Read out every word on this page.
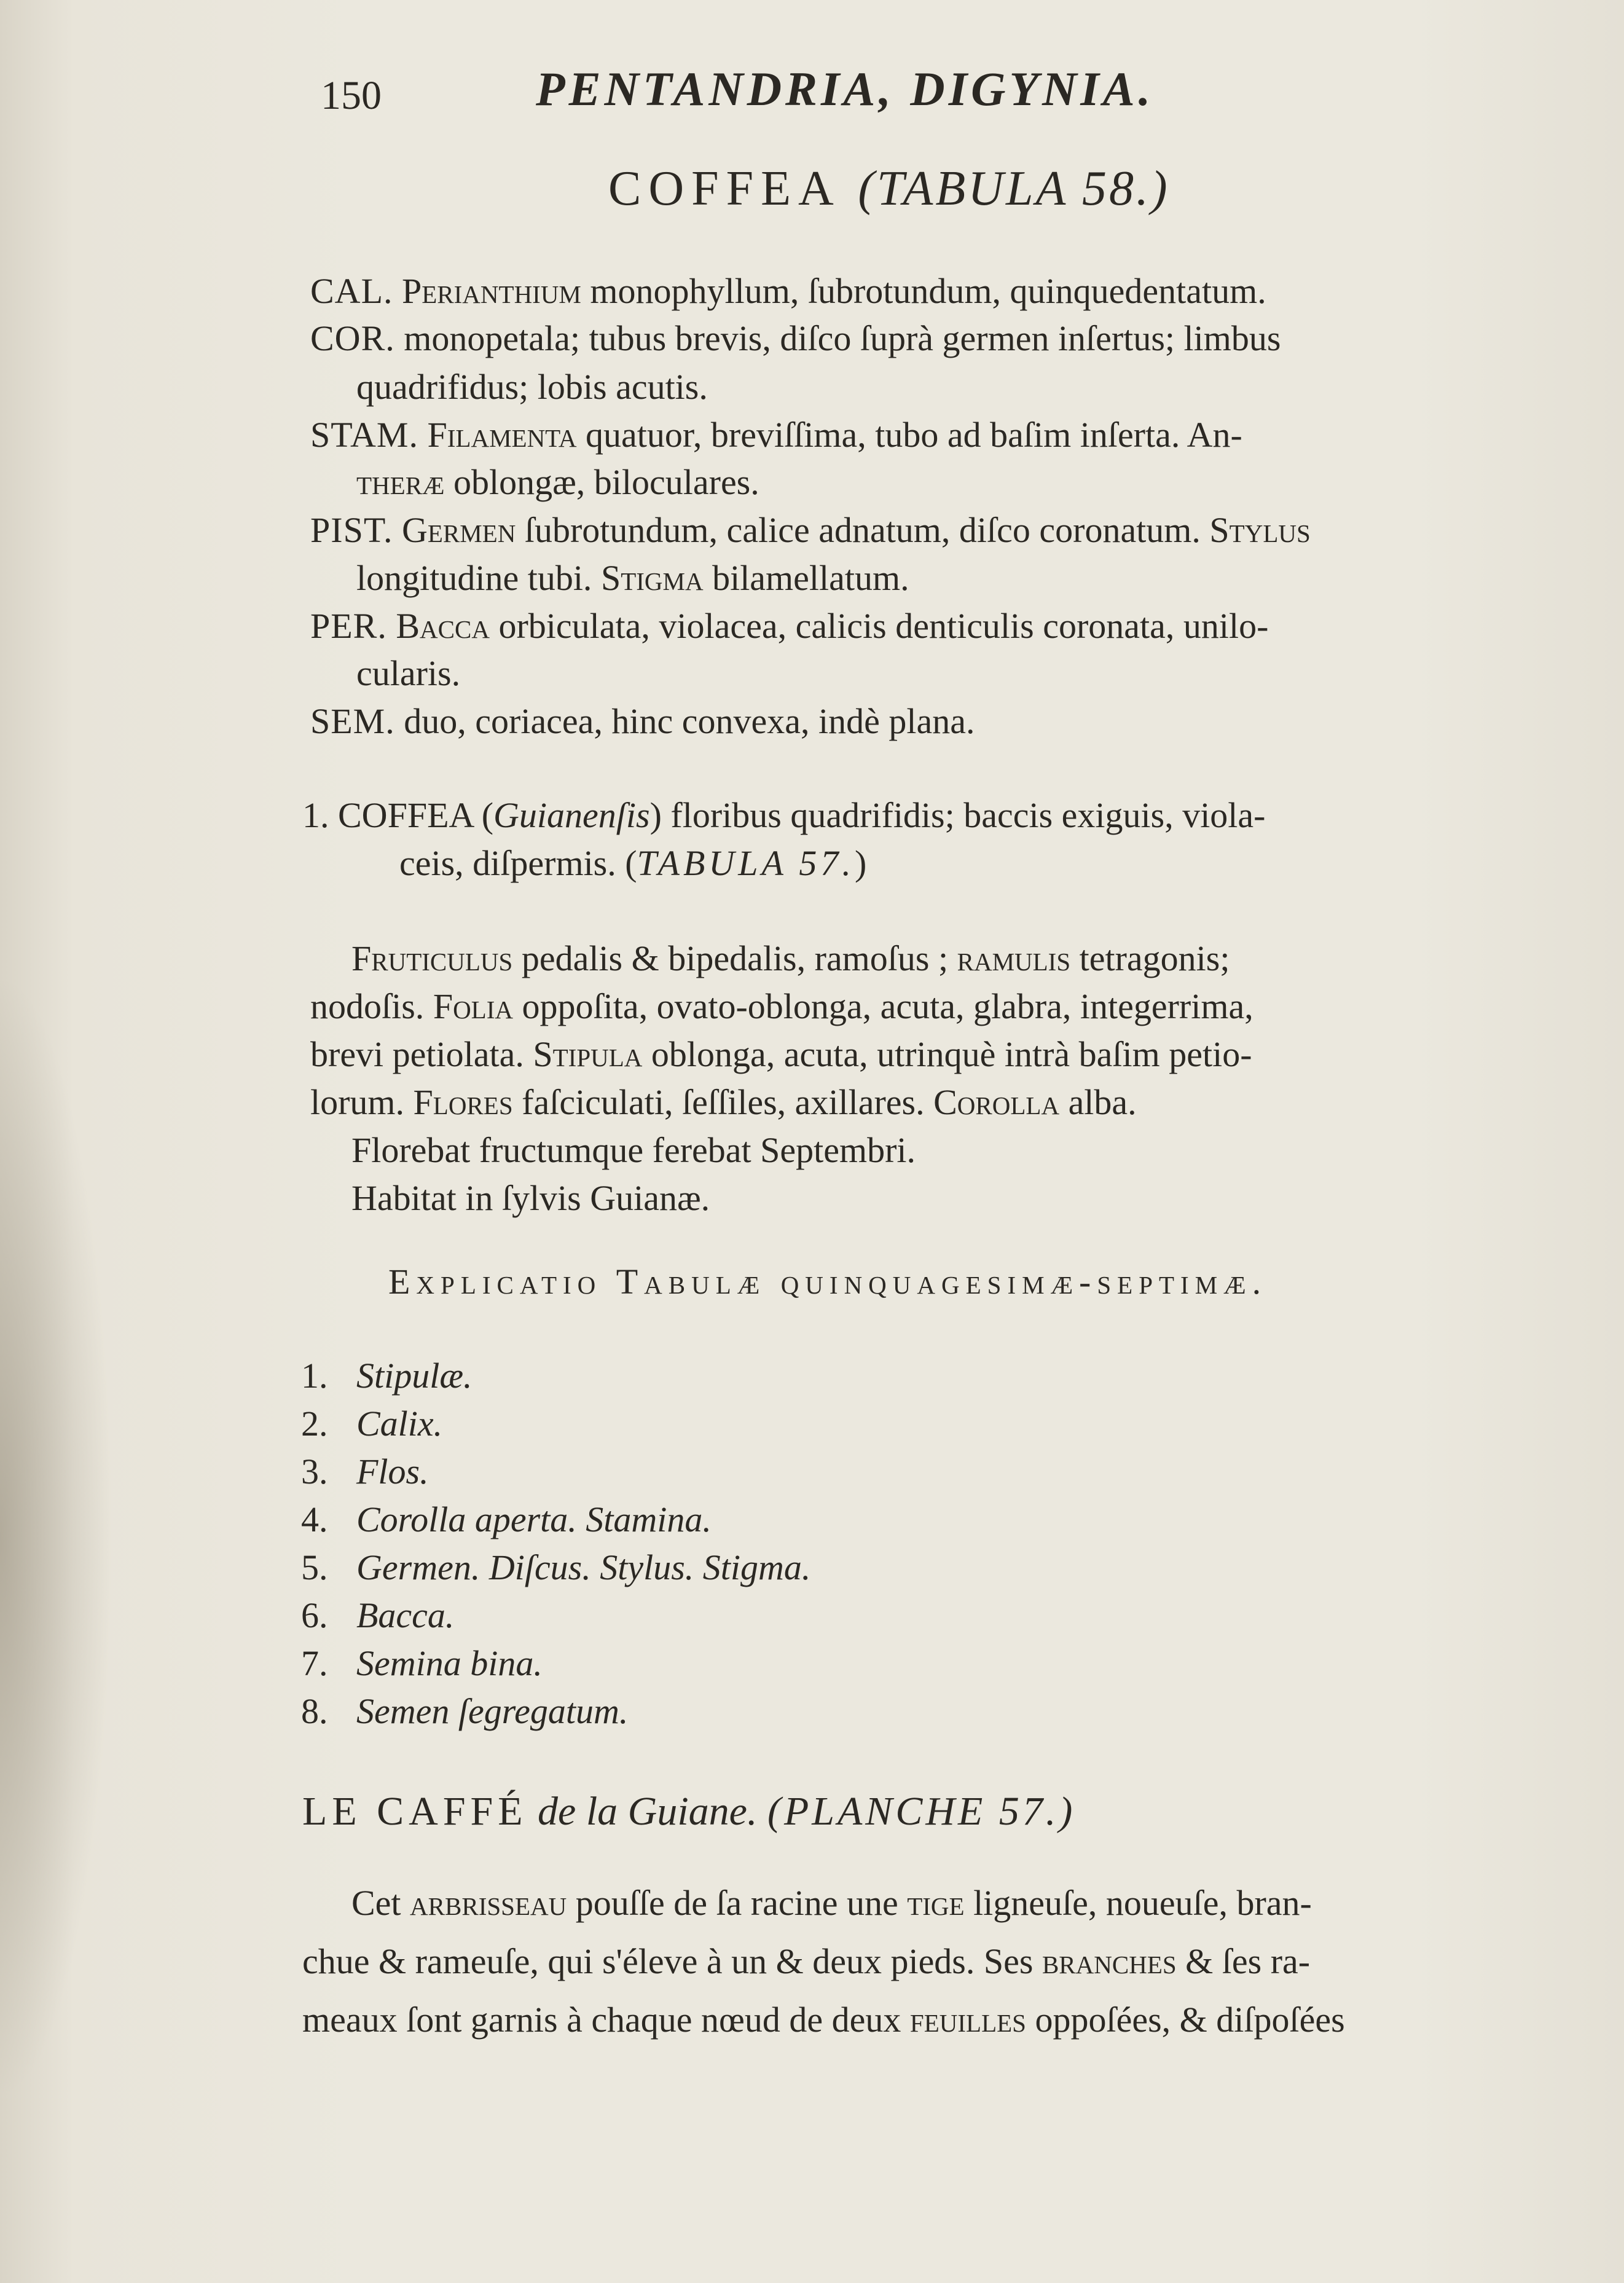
150	PENTANDRIA, DIGYNIA.
COFFEA (TABULA 58.)
CAL. Perianthium monophyllum, ſubrotundum, quinquedentatum.
COR. monopetala; tubus brevis, diſco ſuprà germen inſertus; limbus
quadrifidus; lobis acutis.
STAM. Filamenta quatuor, breviſſima, tubo ad baſim inſerta. An-
theræ oblongæ, biloculares.
PIST. Germen ſubrotundum, calice adnatum, diſco coronatum. Stylus
longitudine tubi. Stigma bilamellatum.
PER. Bacca orbiculata, violacea, calicis denticulis coronata, unilo-
cularis.
SEM. duo, coriacea, hinc convexa, indè plana.
1. COFFEA (Guianenſis) floribus quadrifidis; baccis exiguis, viola-
ceis, diſpermis. (TABULA 57.)
Fruticulus pedalis & bipedalis, ramoſus ; ramulis tetragonis;
nodoſis. Folia oppoſita, ovato-oblonga, acuta, glabra, integerrima,
brevi petiolata. Stipula oblonga, acuta, utrinquè intrà baſim petio-
lorum. Flores faſciculati, ſeſſiles, axillares. Corolla alba.
Florebat fructumque ferebat Septembri.
Habitat in ſylvis Guianæ.
Explicatio Tabulæ quinquagesimæ-septimæ.
1. Stipulæ.
2. Calix.
3. Flos.
4. Corolla aperta. Stamina.
5. Germen. Diſcus. Stylus. Stigma.
6. Bacca.
7. Semina bina.
8. Semen ſegregatum.
LE CAFFÉ de la Guiane. (PLANCHE 57.)
Cet arbrisseau pouſſe de ſa racine une tige ligneuſe, noueuſe, bran-
chue & rameuſe, qui s'éleve à un & deux pieds. Ses branches & ſes ra-
meaux ſont garnis à chaque nœud de deux feuilles oppoſées, & diſpoſées
